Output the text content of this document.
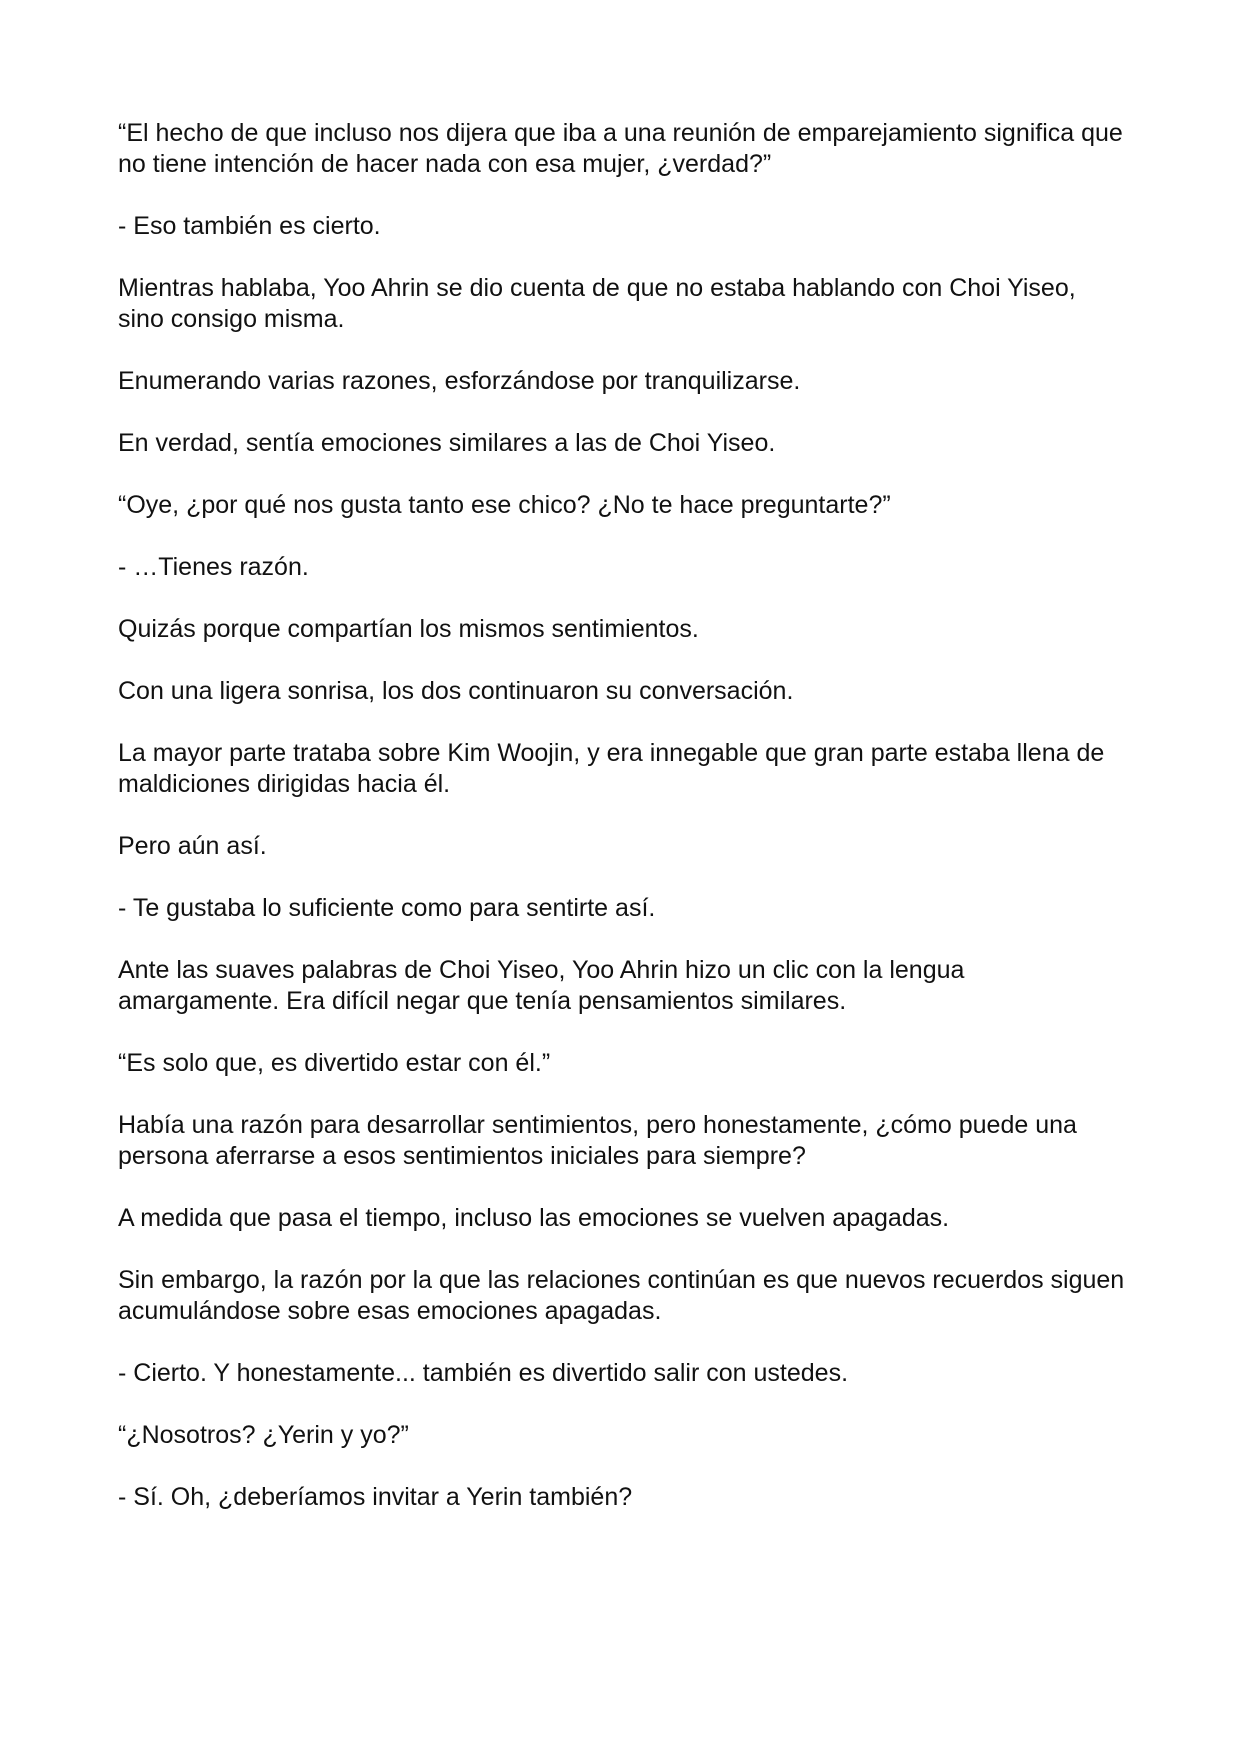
“El hecho de que incluso nos dijera que iba a una reunión de emparejamiento significa que no tiene intención de hacer nada con esa mujer, ¿verdad?”

- Eso también es cierto.

Mientras hablaba, Yoo Ahrin se dio cuenta de que no estaba hablando con Choi Yiseo, sino consigo misma.

Enumerando varias razones, esforzándose por tranquilizarse.

En verdad, sentía emociones similares a las de Choi Yiseo.

“Oye, ¿por qué nos gusta tanto ese chico? ¿No te hace preguntarte?”

- …Tienes razón.

Quizás porque compartían los mismos sentimientos.

Con una ligera sonrisa, los dos continuaron su conversación.

La mayor parte trataba sobre Kim Woojin, y era innegable que gran parte estaba llena de maldiciones dirigidas hacia él.

Pero aún así.

- Te gustaba lo suficiente como para sentirte así.

Ante las suaves palabras de Choi Yiseo, Yoo Ahrin hizo un clic con la lengua amargamente. Era difícil negar que tenía pensamientos similares.

“Es solo que, es divertido estar con él.”

Había una razón para desarrollar sentimientos, pero honestamente, ¿cómo puede una persona aferrarse a esos sentimientos iniciales para siempre?

A medida que pasa el tiempo, incluso las emociones se vuelven apagadas.

Sin embargo, la razón por la que las relaciones continúan es que nuevos recuerdos siguen acumulándose sobre esas emociones apagadas.

- Cierto. Y honestamente... también es divertido salir con ustedes.

“¿Nosotros? ¿Yerin y yo?”

- Sí. Oh, ¿deberíamos invitar a Yerin también?
